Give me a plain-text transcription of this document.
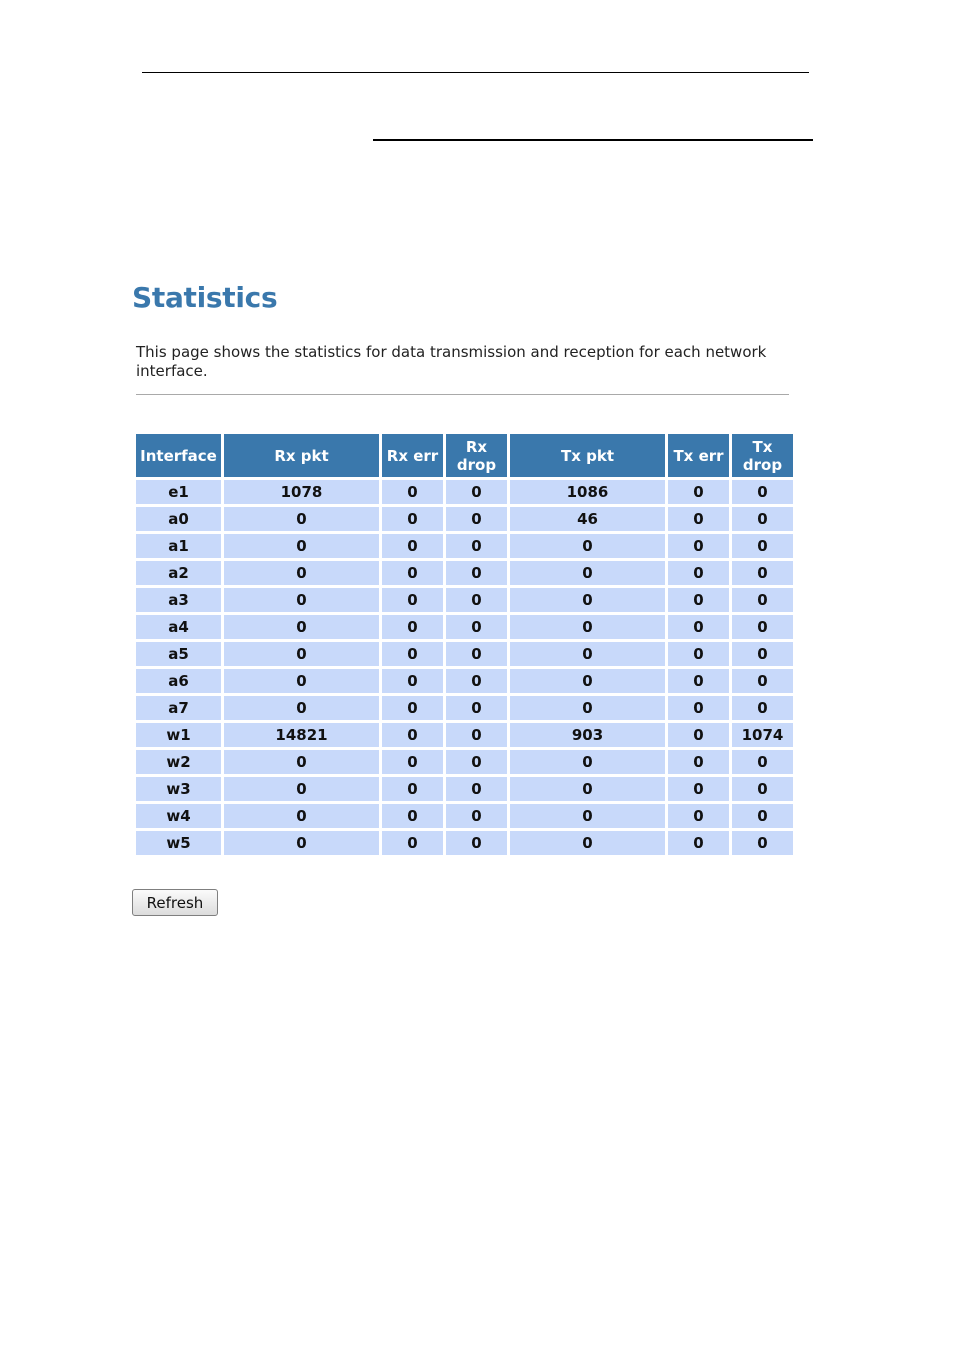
Statistics
This page shows the statistics for data transmission and reception for each network interface.
Interface	Rx pkt	Rx err	Rx drop	Tx pkt	Tx err	Tx drop
e1	1078	0	0	1086	0	0
a0	0	0	0	46	0	0
a1	0	0	0	0	0	0
a2	0	0	0	0	0	0
a3	0	0	0	0	0	0
a4	0	0	0	0	0	0
a5	0	0	0	0	0	0
a6	0	0	0	0	0	0
a7	0	0	0	0	0	0
w1	14821	0	0	903	0	1074
w2	0	0	0	0	0	0
w3	0	0	0	0	0	0
w4	0	0	0	0	0	0
w5	0	0	0	0	0	0
Refresh
